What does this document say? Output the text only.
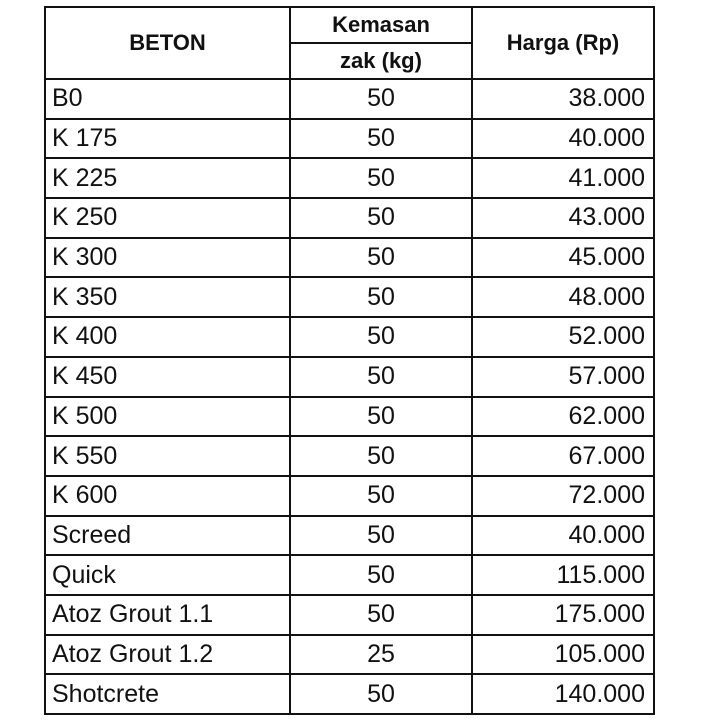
BETON	Kemasan	Harga (Rp)
	zak (kg)	
B0	50	38.000
K 175	50	40.000
K 225	50	41.000
K 250	50	43.000
K 300	50	45.000
K 350	50	48.000
K 400	50	52.000
K 450	50	57.000
K 500	50	62.000
K 550	50	67.000
K 600	50	72.000
Screed	50	40.000
Quick	50	115.000
Atoz Grout 1.1	50	175.000
Atoz Grout 1.2	25	105.000
Shotcrete	50	140.000
